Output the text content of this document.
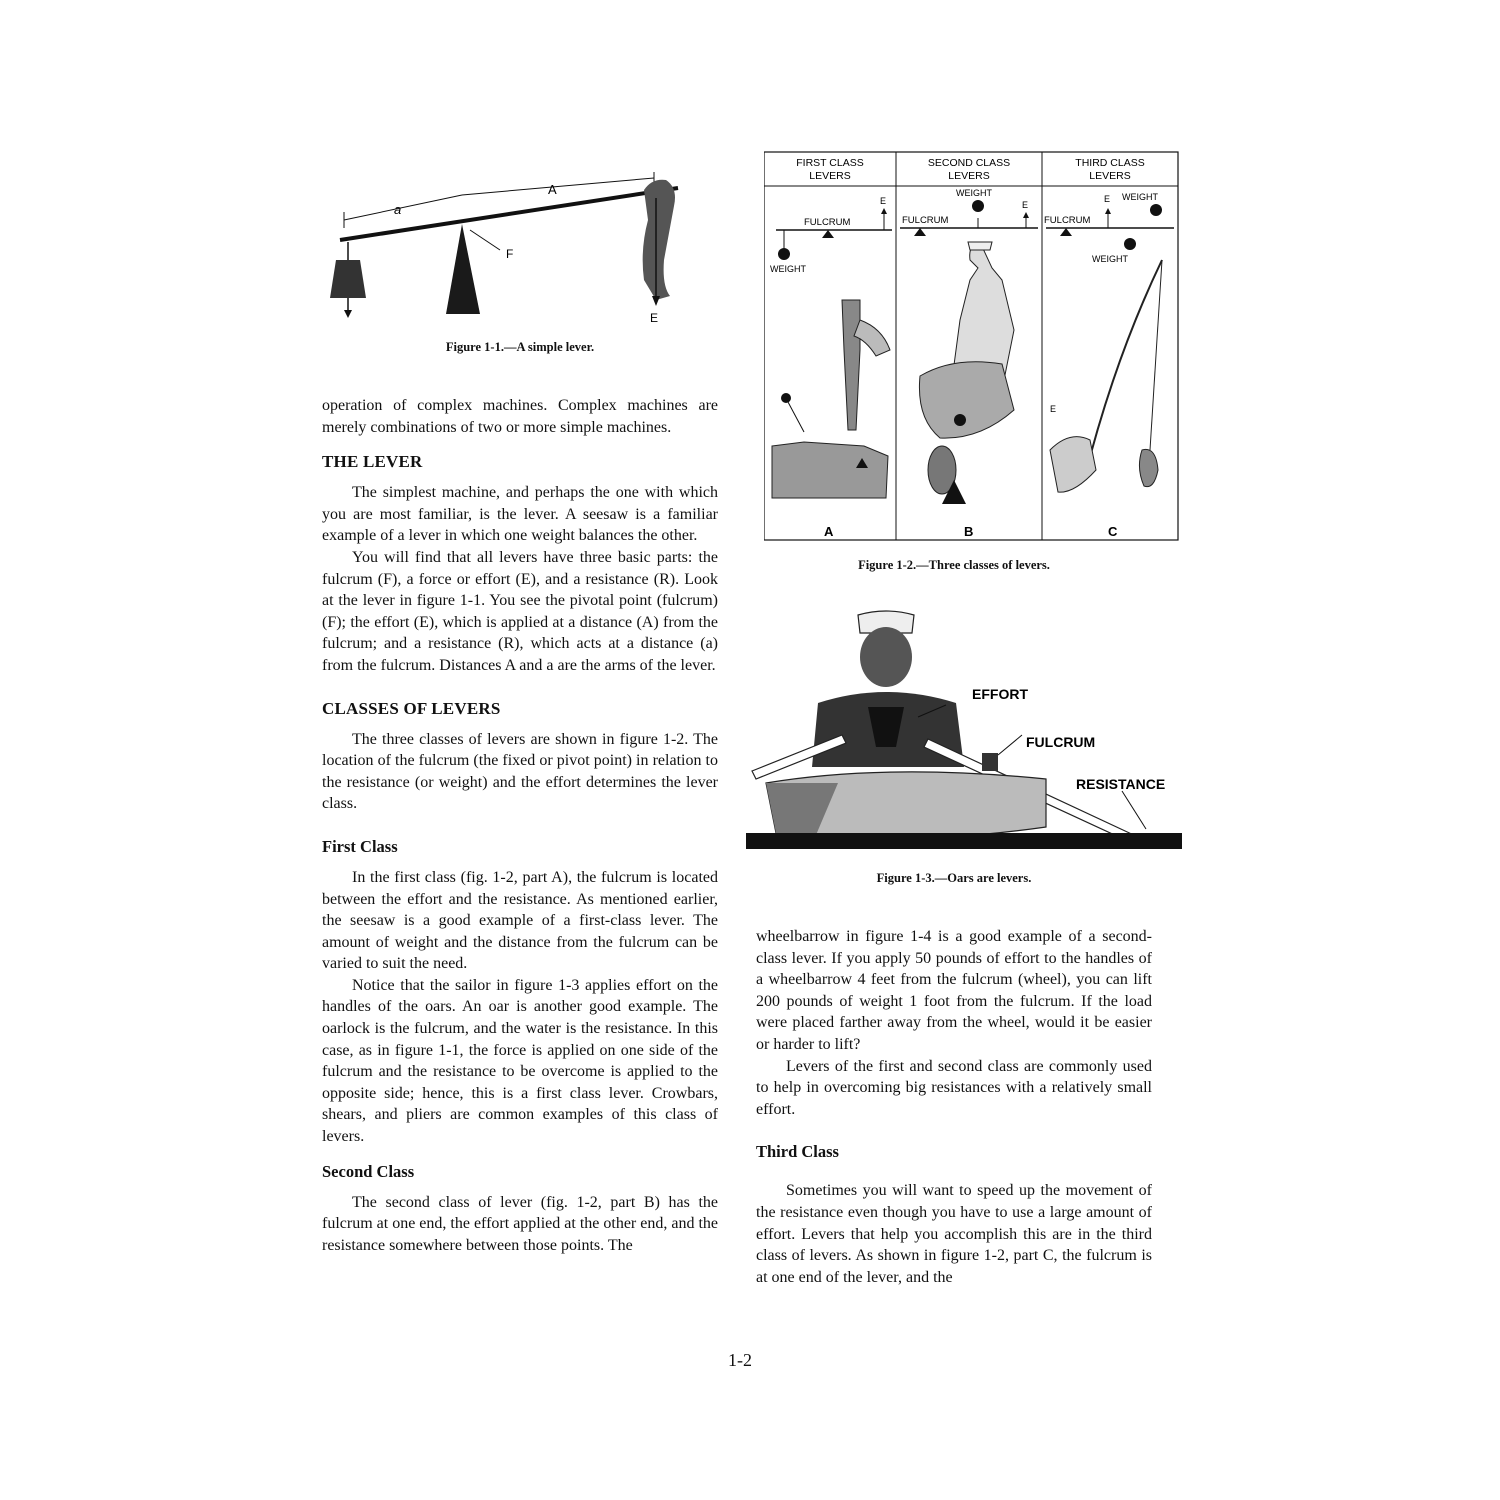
a
A
F
E

Figure 1-1.—A simple lever.

operation of complex machines. Complex machines are merely combinations of two or more simple machines.

THE LEVER

The simplest machine, and perhaps the one with which you are most familiar, is the lever. A seesaw is a familiar example of a lever in which one weight balances the other.

You will find that all levers have three basic parts: the fulcrum (F), a force or effort (E), and a resistance (R). Look at the lever in figure 1-1. You see the pivotal point (fulcrum) (F); the effort (E), which is applied at a distance (A) from the fulcrum; and a resistance (R), which acts at a distance (a) from the fulcrum. Distances A and a are the arms of the lever.

CLASSES OF LEVERS

The three classes of levers are shown in figure 1-2. The location of the fulcrum (the fixed or pivot point) in relation to the resistance (or weight) and the effort determines the lever class.

First Class

In the first class (fig. 1-2, part A), the fulcrum is located between the effort and the resistance. As mentioned earlier, the seesaw is a good example of a first-class lever. The amount of weight and the distance from the fulcrum can be varied to suit the need.

Notice that the sailor in figure 1-3 applies effort on the handles of the oars. An oar is another good example. The oarlock is the fulcrum, and the water is the resistance. In this case, as in figure 1-1, the force is applied on one side of the fulcrum and the resistance to be overcome is applied to the opposite side; hence, this is a first class lever. Crowbars, shears, and pliers are common examples of this class of levers.

Second Class

The second class of lever (fig. 1-2, part B) has the fulcrum at one end, the effort applied at the other end, and the resistance somewhere between those points. The

FIRST CLASS
LEVERS
SECOND CLASS
LEVERS
THIRD CLASS
LEVERS
FULCRUM
E
WEIGHT
A
WEIGHT
FULCRUM
E
B
E WEIGHT
FULCRUM
WEIGHT
E
C

Figure 1-2.—Three classes of levers.

EFFORT
FULCRUM
RESISTANCE

Figure 1-3.—Oars are levers.

wheelbarrow in figure 1-4 is a good example of a second-class lever. If you apply 50 pounds of effort to the handles of a wheelbarrow 4 feet from the fulcrum (wheel), you can lift 200 pounds of weight 1 foot from the fulcrum. If the load were placed farther away from the wheel, would it be easier or harder to lift?

Levers of the first and second class are commonly used to help in overcoming big resistances with a relatively small effort.

Third Class

Sometimes you will want to speed up the movement of the resistance even though you have to use a large amount of effort. Levers that help you accomplish this are in the third class of levers. As shown in figure 1-2, part C, the fulcrum is at one end of the lever, and the

1-2
